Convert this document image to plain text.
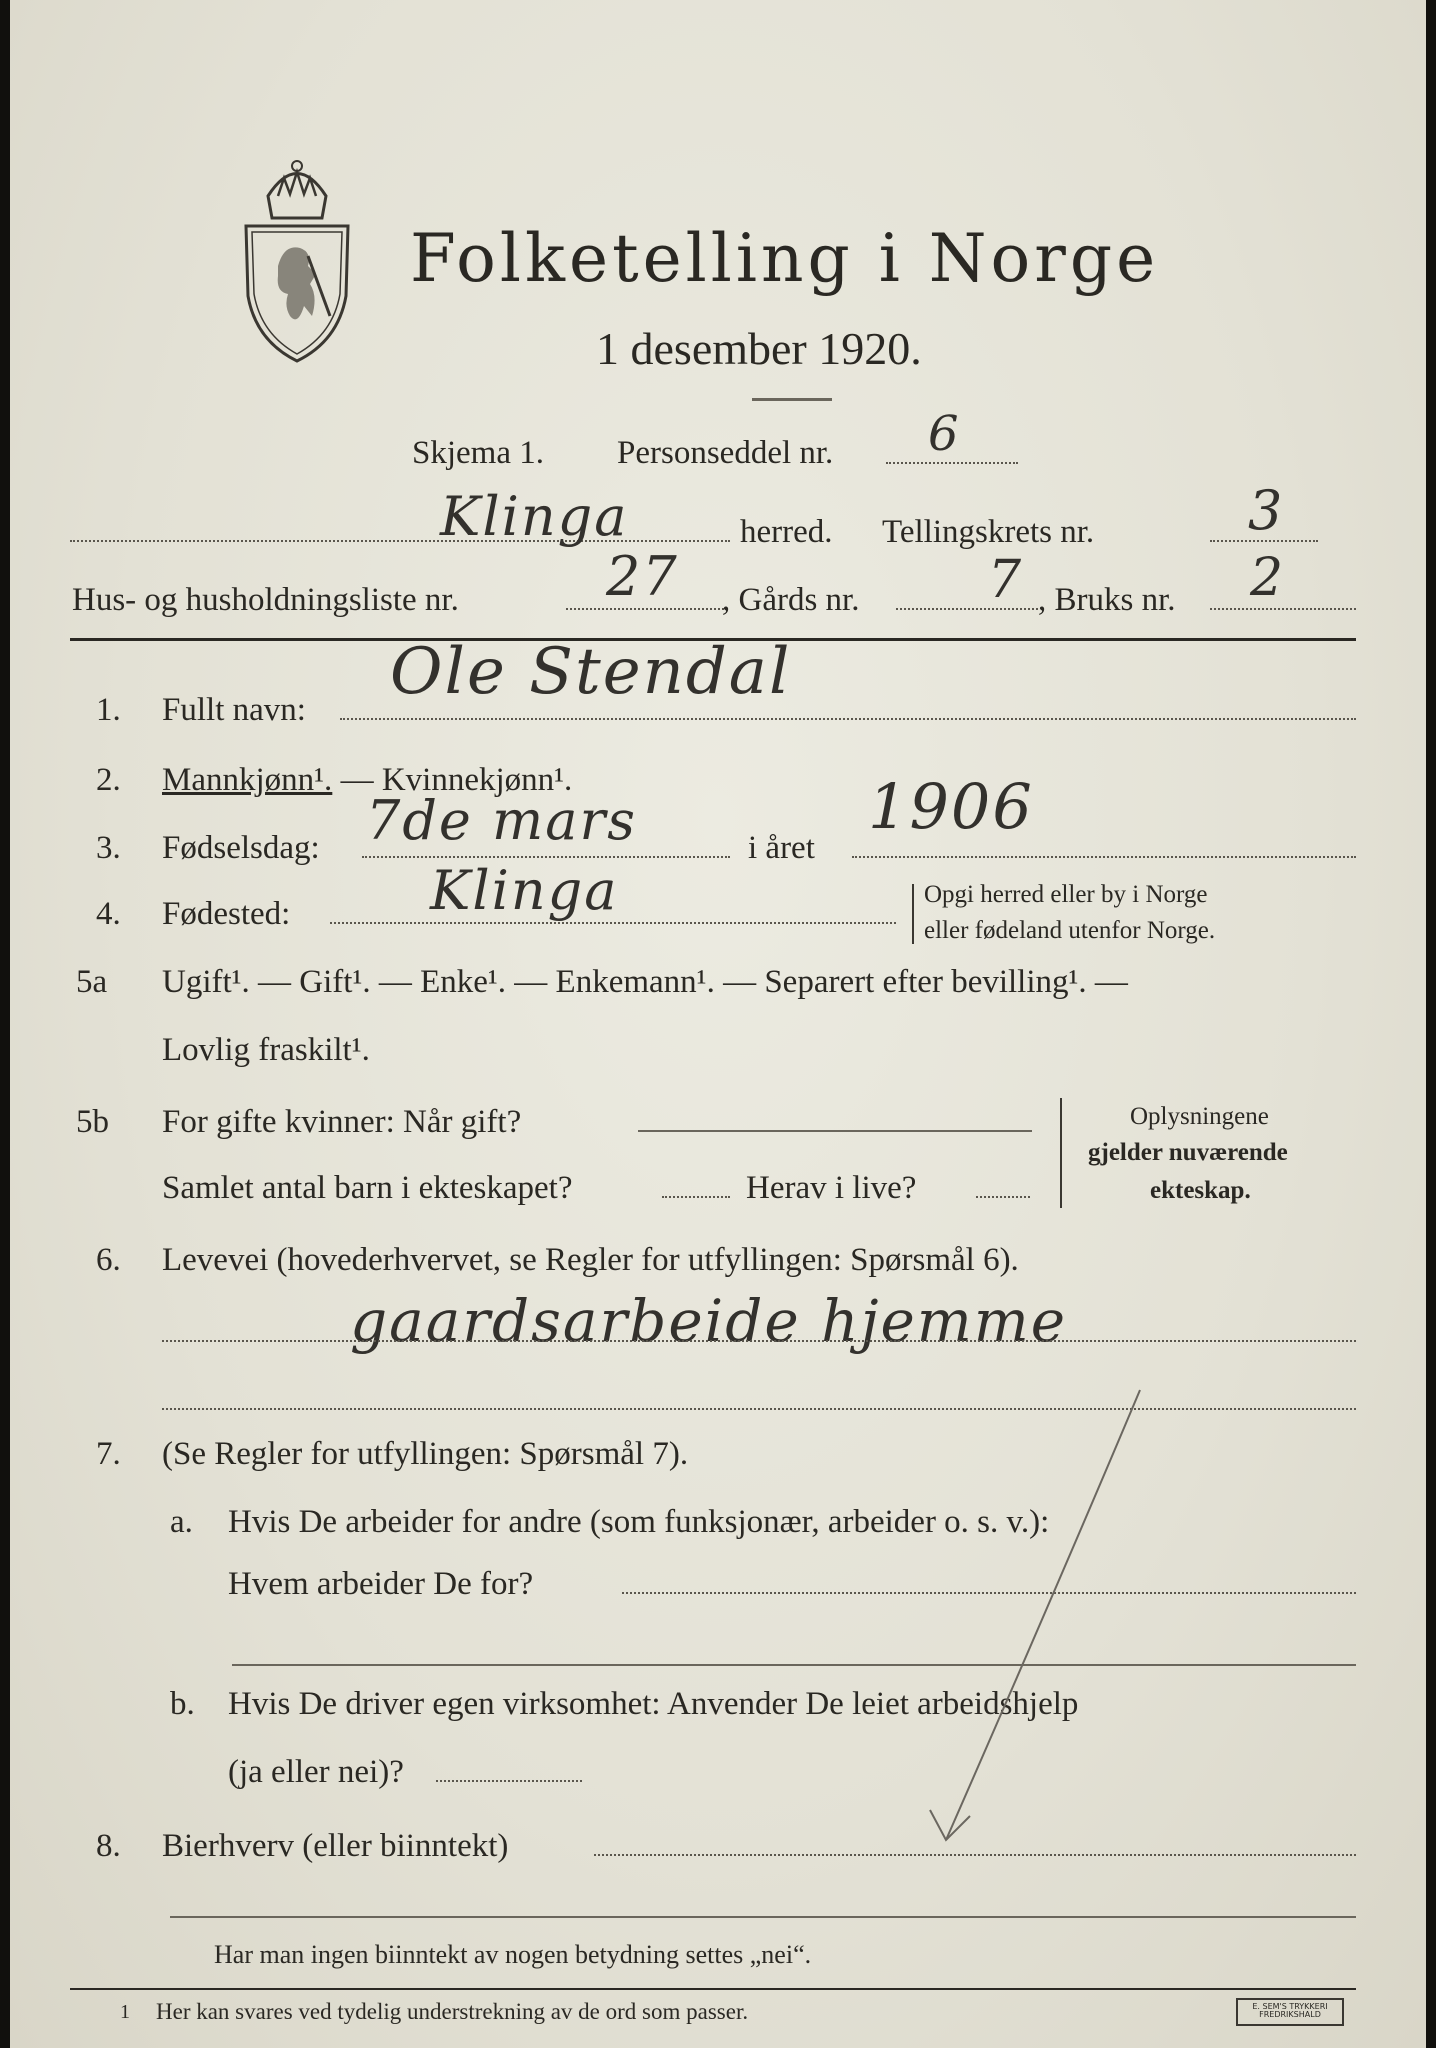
Folketelling i Norge
1 desember 1920.
Skjema 1. Personseddel nr. 6
Klinga	herred. Tellingskrets nr.	3
Hus- og husholdningsliste nr.	27 , Gårds nr. 7 , Bruks nr. 2
1. Fullt navn:
Ole Stendal
2. Mannkjønn¹. — Kvinnekjønn¹.
3. Fødselsdag: 7de mars	i året
1906
4. Fødested:	Klinga	Opgi herred eller by i Norge
eller fødeland utenfor Norge.
5a Ugift¹. — Gift¹. — Enke¹. — Enkemann¹. — Separert efter bevilling¹. —
Lovlig fraskilt¹.
5b For gifte kvinner: Når gift?
Samlet antal barn i ekteskapet?	Herav i live?
Oplysningene
gjelder nuværende
ekteskap.
6. Levevei (hovederhvervet, se Regler for utfyllingen: Spørsmål 6).
gaardsarbeide hjemme
7. (Se Regler for utfyllingen: Spørsmål 7).
a. Hvis De arbeider for andre (som funksjonær, arbeider o. s. v.):
Hvem arbeider De for?
b. Hvis De driver egen virksomhet: Anvender De leiet arbeidshjelp
(ja eller nei)?
8. Bierhverv (eller biinntekt)
Har man ingen biinntekt av nogen betydning settes „nei“.
1 Her kan svares ved tydelig understrekning av de ord som passer.	E. SEM'S TRYKKERI
FREDRIKSHALD
